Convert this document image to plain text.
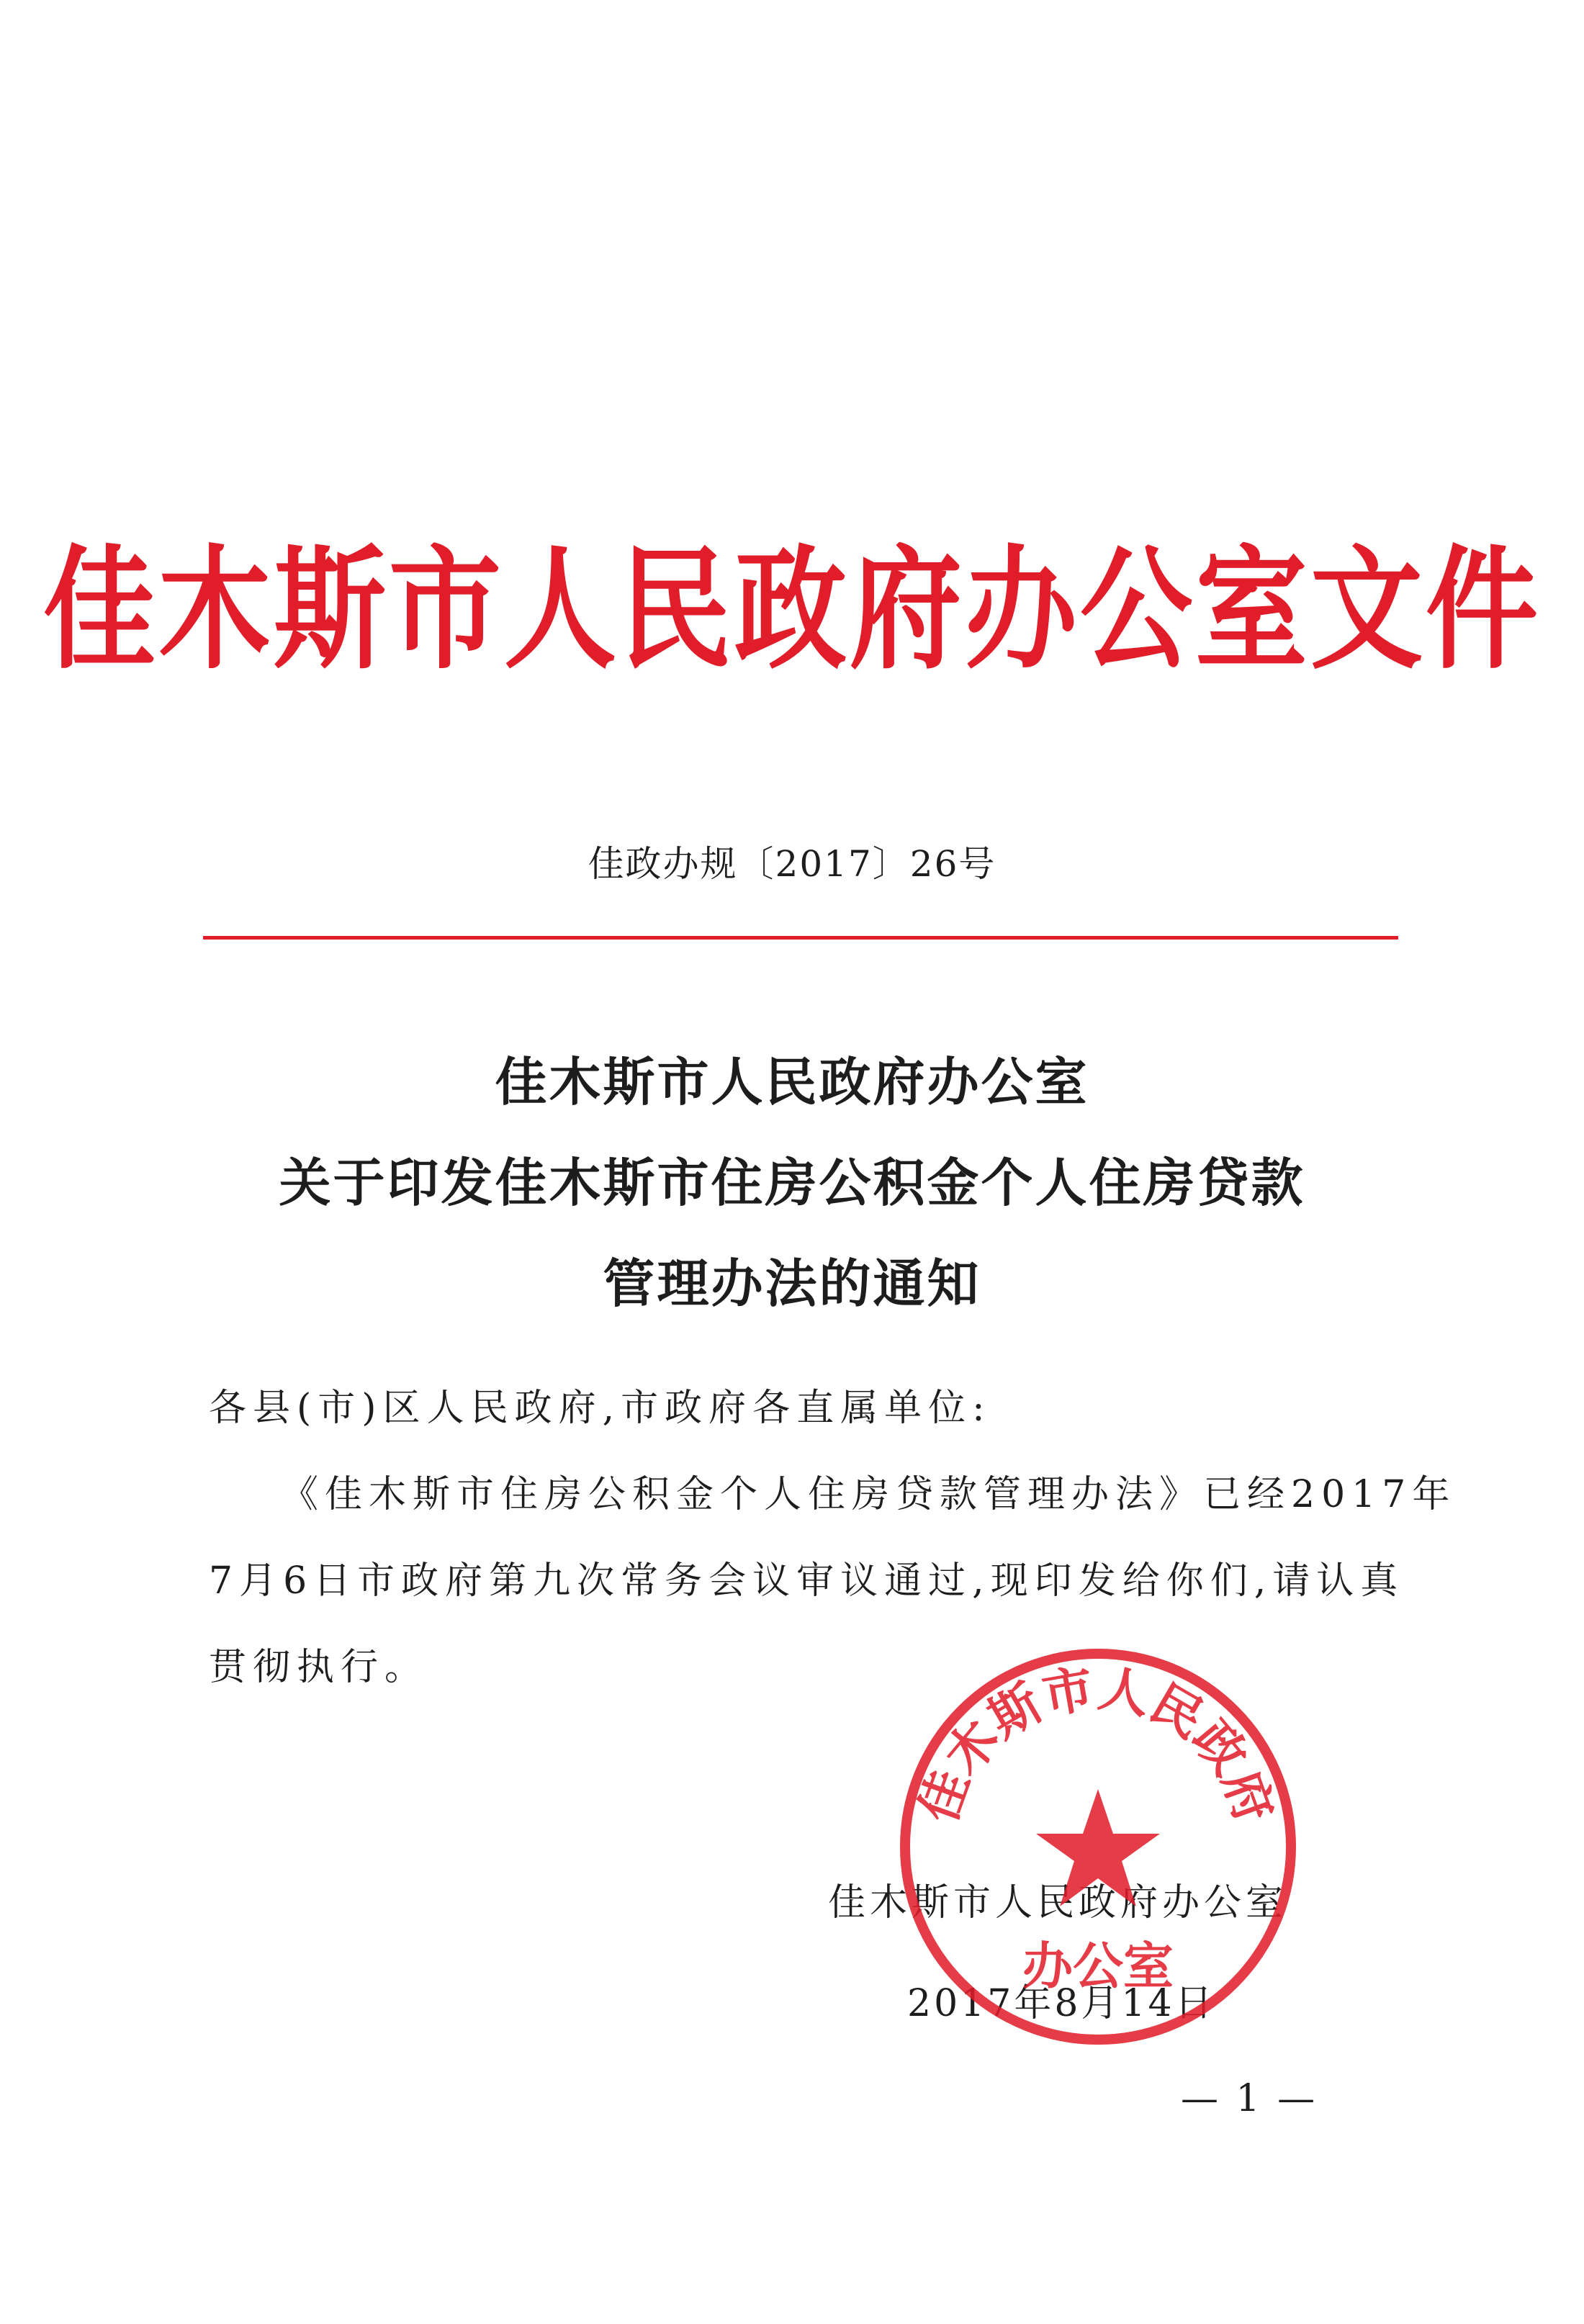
佳木斯市人民政府办公室文件
佳政办规〔2017〕26号
佳木斯市人民政府办公室
关于印发佳木斯市住房公积金个人住房贷款
管理办法的通知
各县(市)区人民政府,市政府各直属单位:
《佳木斯市住房公积金个人住房贷款管理办法》已经2017年
7月6日市政府第九次常务会议审议通过,现印发给你们,请认真
贯彻执行。
佳木斯市人民政府办公室
2017年8月14日
佳木斯市人民政府
办公室
— 1 —
